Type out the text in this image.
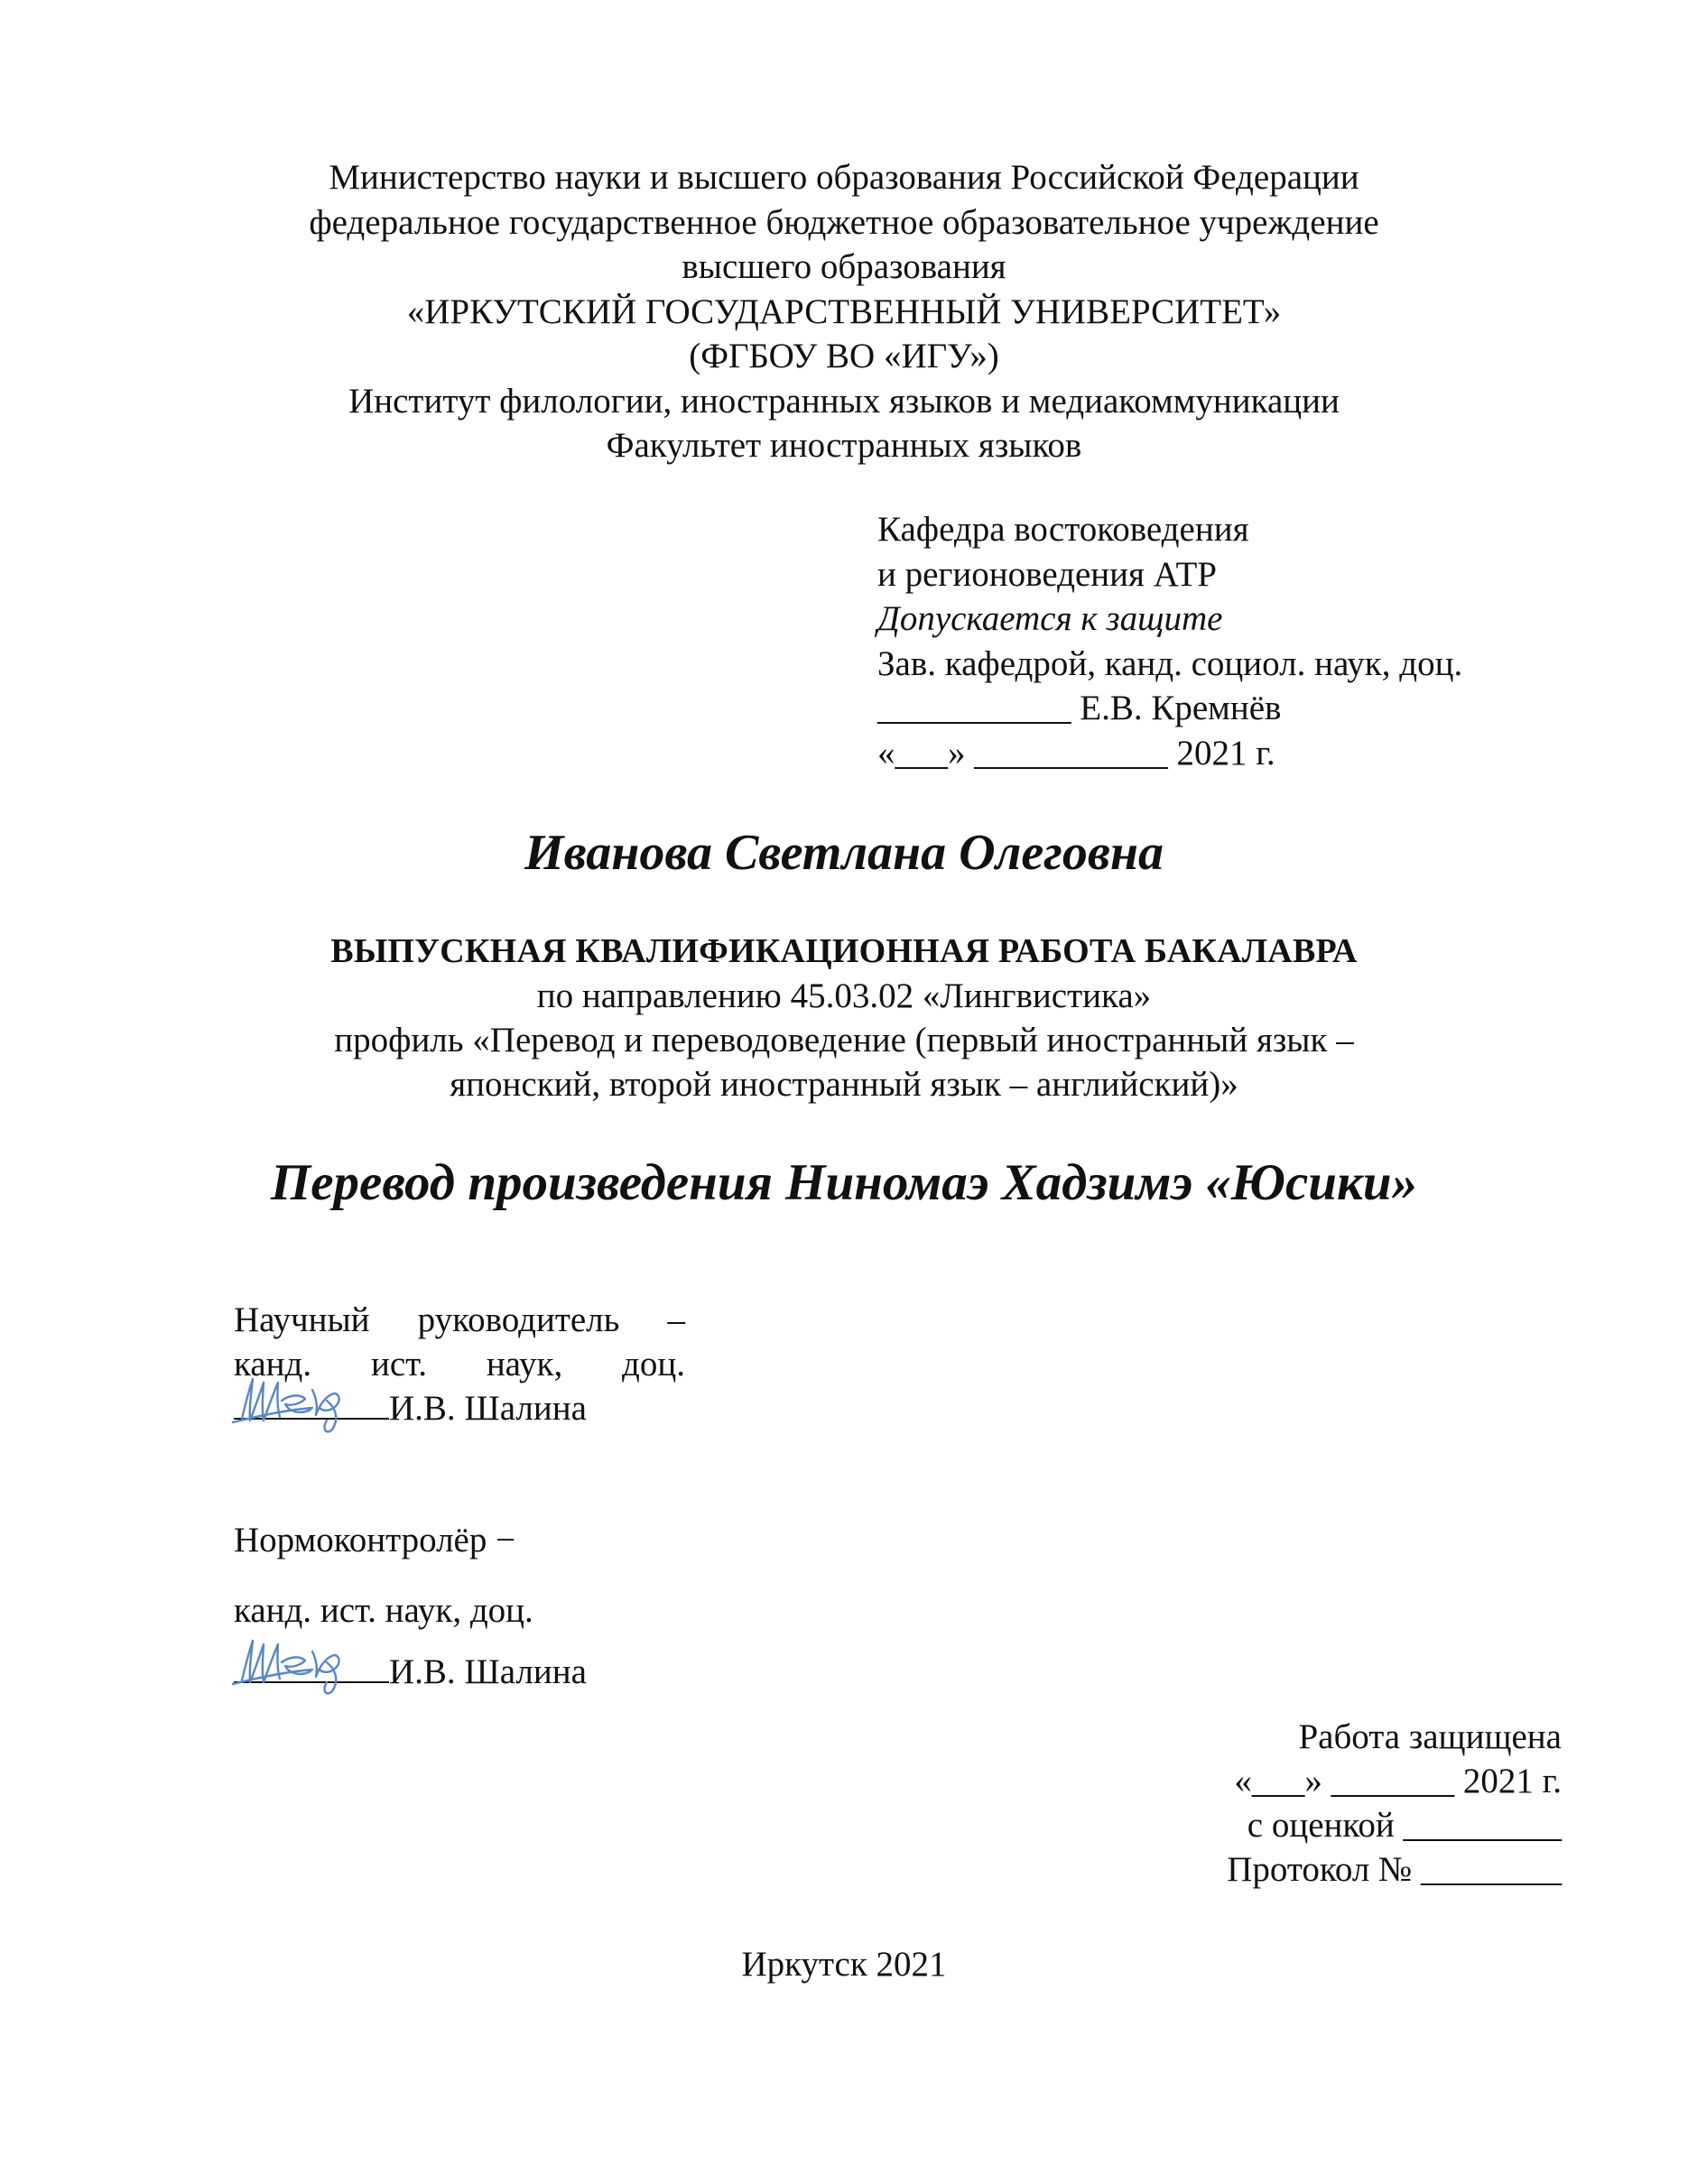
Министерство науки и высшего образования Российской Федерации
федеральное государственное бюджетное образовательное учреждение
высшего образования
«ИРКУТСКИЙ ГОСУДАРСТВЕННЫЙ УНИВЕРСИТЕТ»
(ФГБОУ ВО «ИГУ»)
Институт филологии, иностранных языков и медиакоммуникации
Факультет иностранных языков
Кафедра востоковедения
и регионоведения АТР
Допускается к защите
Зав. кафедрой, канд. социол. наук, доц.
___________ Е.В. Кремнёв
«___» ___________ 2021 г.
Иванова Светлана Олеговна
ВЫПУСКНАЯ КВАЛИФИКАЦИОННАЯ РАБОТА БАКАЛАВРА
по направлению 45.03.02 «Лингвистика»
профиль «Перевод и переводоведение (первый иностранный язык –
японский, второй иностранный язык – английский)»
Перевод произведения Ниномаэ Хадзимэ «Юсики»
Научный руководитель –
канд. ист. наук, доц.
И.В. Шалина
Нормоконтролёр −
канд. ист. наук, доц.
И.В. Шалина
Работа защищена
«___» _______ 2021 г.
с оценкой _________
Протокол № ________
Иркутск 2021
